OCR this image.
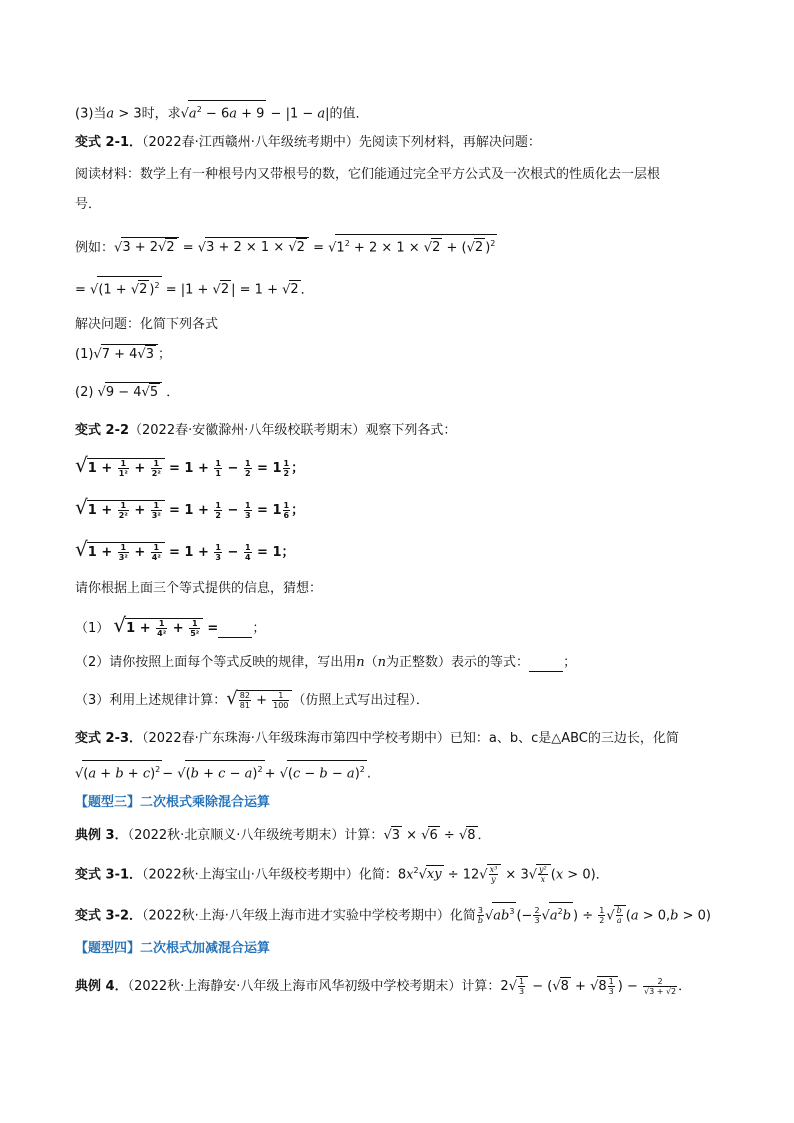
(3)当a > 3时，求$√a^2 - 6a + 9 - |1 - a|$的值．
变式 2-1．（2022春·江西赣州·八年级统考期中）先阅读下列材料，再解决问题：
阅读材料：数学上有一种根号内又带根号的数，它们能通过完全平方公式及一次根式的性质化去一层根
号．
例如：$√3 + 2√2 = √3 + 2 \times 1 \times √2 = √1^2 + 2 \times 1 \times √2 + (√2$ )$^2$
= √(1 + √2 )$^2$ = |1 + √2 | = 1 + √2 ．
解决问题：化简下列各式
(1)√7 + 4√3 ；
(2) √9 − 4√5 ．
变式 2-2（2022春·安徽滁州·八年级校联考期末）观察下列各式：
$√1 + \frac{1}{\text{1²}} + \frac{1}{\text{2²}} = 1 + \frac{1}{1} - \frac{1}{2} = 1 \frac{1}{2}$ ；
$√1 + \frac{1}{\text{2²}} + \frac{1}{\text{3²}} = 1 + \frac{1}{2} - \frac{1}{3} = 1 \frac{1}{6}$ ；
$√1 + \frac{1}{\text{3²}} + \frac{1}{\text{4²}} = 1 + \frac{1}{3} - \frac{1}{4} = 1$；
请你根据上面三个等式提供的信息，猜想：
（1） $√1 + \frac{1}{\text{4²}} + \frac{1}{\text{5²}}$ =	；
（2）请你按照上面每个等式反映的规律，写出用n（n为正整数）表示的等式：	；
（3）利用上述规律计算：√ $\frac{82}{81} + \frac{1}{100}$ （仿照上式写出过程）．
变式 2-3．（2022春·广东珠海·八年级珠海市第四中学校考期中）已知：a、b、c是△ABC的三边长，化简
$√(a + b + c)^2 - √(b + c - a)^2 + √(c - b - a)^2$ .
【题型三】二次根式乘除混合运算
典例 3．（2022秋·北京顺义·八年级统考期末）计算：√3 × √6 ÷ √8 ．
变式 3-1．（2022秋·上海宝山·八年级校考期中）化简：$8x^2√xy \div 12√ \frac{\text{x³}}{y} \times 3√ \frac{\text{y²}}{x} (x > 0)$．
变式 3-2．（2022秋·上海·八年级上海市进才实验中学校考期中）化简 $\frac{3}{b} √ab^3$ (− $\frac{2}{3} √a^2b$ ) ÷ $\frac{1}{2}$ √ $\frac{b}{a} (a > 0,b > 0)$
【题型四】二次根式加减混合运算
典例 4．（2022秋·上海静安·八年级上海市风华初级中学校考期末）计算：$2√ \frac{1}{3} - (√8 + √8 \frac{1}{3}$ ) − $\frac{2}{√3 + √2}$ ．
